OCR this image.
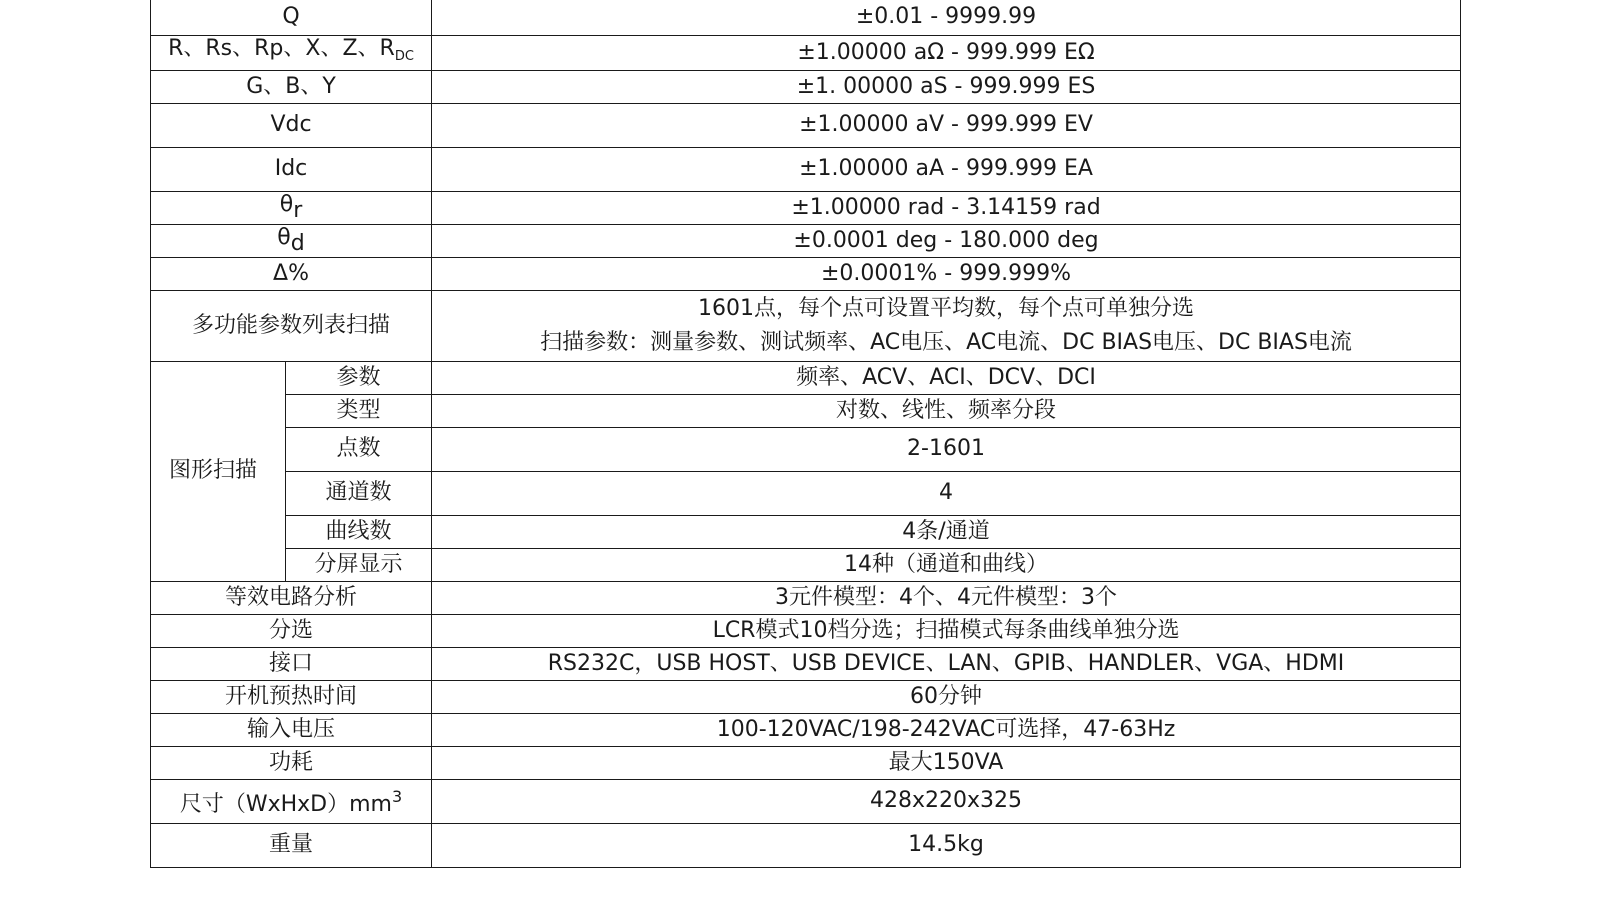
Q		±0.01 - 9999.99
R、Rs、Rp、X、Z、$R_{DC}$		±1.00000 aΩ - 999.999 EΩ
G、B、Y		±1. 00000 aS - 999.999 ES
Vdc		±1.00000 aV - 999.999 EV
Idc		±1.00000 aA - 999.999 EA
θr		±1.00000 rad - 3.14159 rad
θd		±0.0001 deg - 180.000 deg
Δ%		±0.0001% - 999.999%
多功能参数列表扫描		1601点，每个点可设置平均数，每个点可单独分选
扫描参数：测量参数、测试频率、AC电压、AC电流、DC BIAS电压、DC BIAS电流

图形扫描	参数	频率、ACV、ACI、DCV、DCI
	类型	对数、线性、频率分段
	点数	2-1601
	通道数	4
	曲线数	4条/通道
	分屏显示	14种（通道和曲线）
等效电路分析		3元件模型：4个、4元件模型：3个
分选		LCR模式10档分选；扫描模式每条曲线单独分选
接口		RS232C，USB HOST、USB DEVICE、LAN、GPIB、HANDLER、VGA、HDMI
开机预热时间		60分钟
输入电压		100-120VAC/198-242VAC可选择，47-63Hz
功耗		最大150VA
尺寸$(WxHxD)mm^3$		428x220x325
重量		14.5kg
